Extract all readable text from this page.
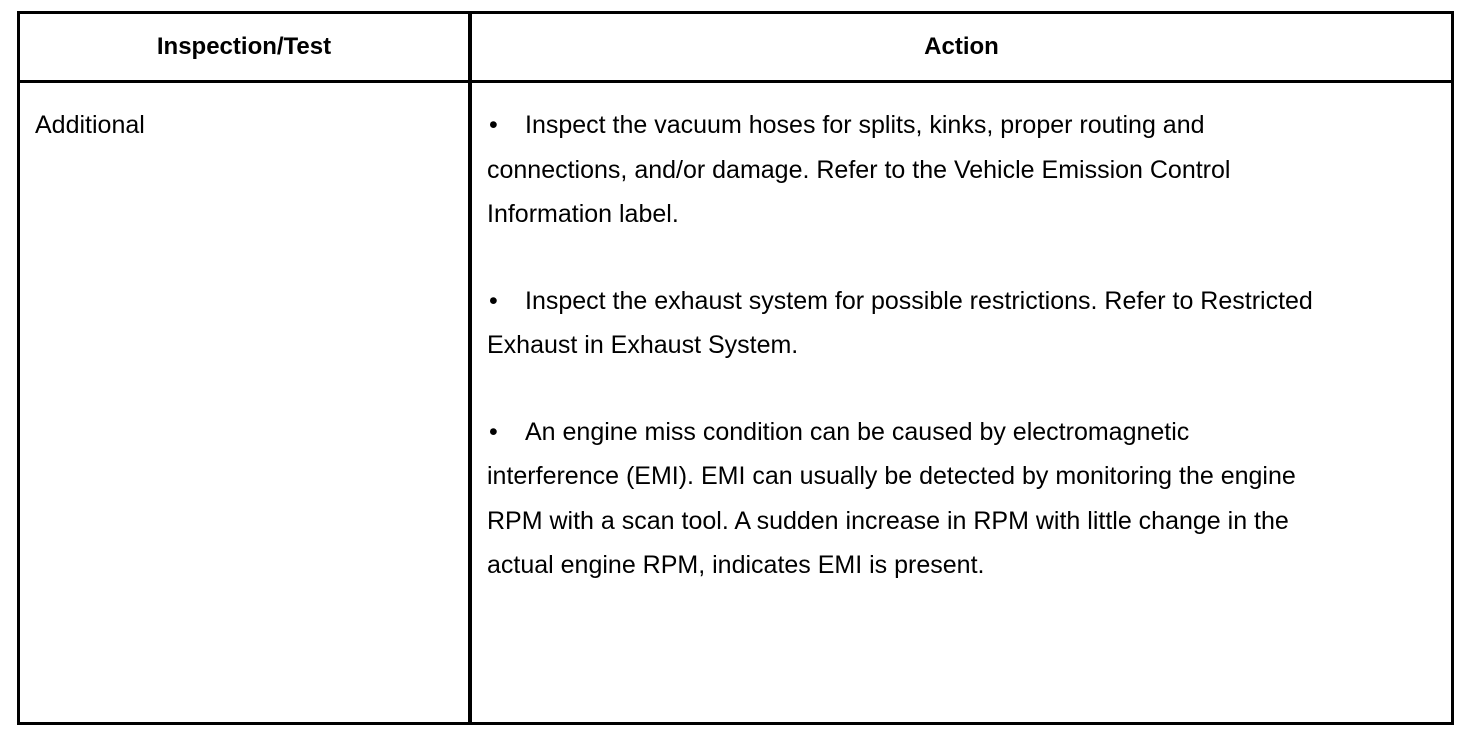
Inspection/Test	Action
Additional	• Inspect the vacuum hoses for splits, kinks, proper routing and connections, and/or damage. Refer to the Vehicle Emission Control Information label.

• Inspect the exhaust system for possible restrictions. Refer to Restricted Exhaust in Exhaust System.

• An engine miss condition can be caused by electromagnetic interference (EMI). EMI can usually be detected by monitoring the engine RPM with a scan tool. A sudden increase in RPM with little change in the actual engine RPM, indicates EMI is present.
